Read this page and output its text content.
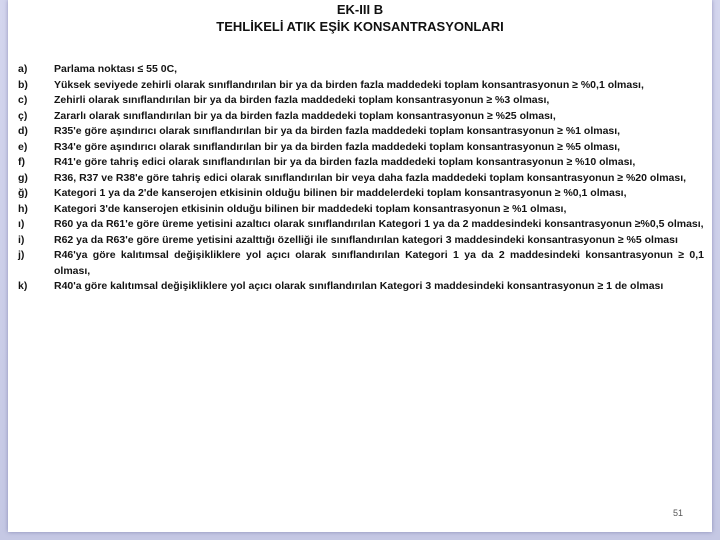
EK-III B
TEHLİKELİ ATIK EŞİK KONSANTRASYONLARI
a)	Parlama noktası ≤ 55 0C,
b)	Yüksek seviyede zehirli olarak sınıflandırılan bir ya da birden fazla maddedeki toplam konsantrasyonun ≥ %0,1 olması,
c)	Zehirli olarak sınıflandırılan bir ya da birden fazla maddedeki toplam konsantrasyonun ≥ %3 olması,
ç)	Zararlı olarak sınıflandırılan bir ya da birden fazla maddedeki toplam konsantrasyonun ≥ %25 olması,
d)	R35'e göre aşındırıcı olarak sınıflandırılan bir ya da birden fazla maddedeki toplam konsantrasyonun ≥ %1 olması,
e)	R34'e göre aşındırıcı olarak sınıflandırılan bir ya da birden fazla maddedeki toplam konsantrasyonun ≥ %5 olması,
f)	R41'e göre tahriş edici olarak sınıflandırılan bir ya da birden fazla maddedeki toplam konsantrasyonun ≥ %10 olması,
g)	R36, R37 ve R38'e göre tahriş edici olarak sınıflandırılan bir veya daha fazla maddedeki toplam konsantrasyonun ≥ %20 olması,
ğ)	Kategori 1 ya da 2'de kanserojen etkisinin olduğu bilinen bir maddelerdeki toplam konsantrasyonun ≥ %0,1 olması,
h)	Kategori 3'de kanserojen etkisinin olduğu bilinen bir maddedeki toplam konsantrasyonun ≥ %1 olması,
ı)	R60 ya da R61'e göre üreme yetisini azaltıcı olarak sınıflandırılan Kategori 1 ya da 2 maddesindeki konsantrasyonun ≥%0,5 olması,
i)	R62 ya da R63'e göre üreme yetisini azalttığı özelliği ile sınıflandırılan kategori 3 maddesindeki konsantrasyonun ≥ %5 olması
j)	R46'ya göre kalıtımsal değişikliklere yol açıcı olarak sınıflandırılan Kategori 1 ya da 2 maddesindeki konsantrasyonun ≥ 0,1 olması,
k)	R40'a göre kalıtımsal değişikliklere yol açıcı olarak sınıflandırılan Kategori 3 maddesindeki konsantrasyonun ≥ 1 de olması
51
